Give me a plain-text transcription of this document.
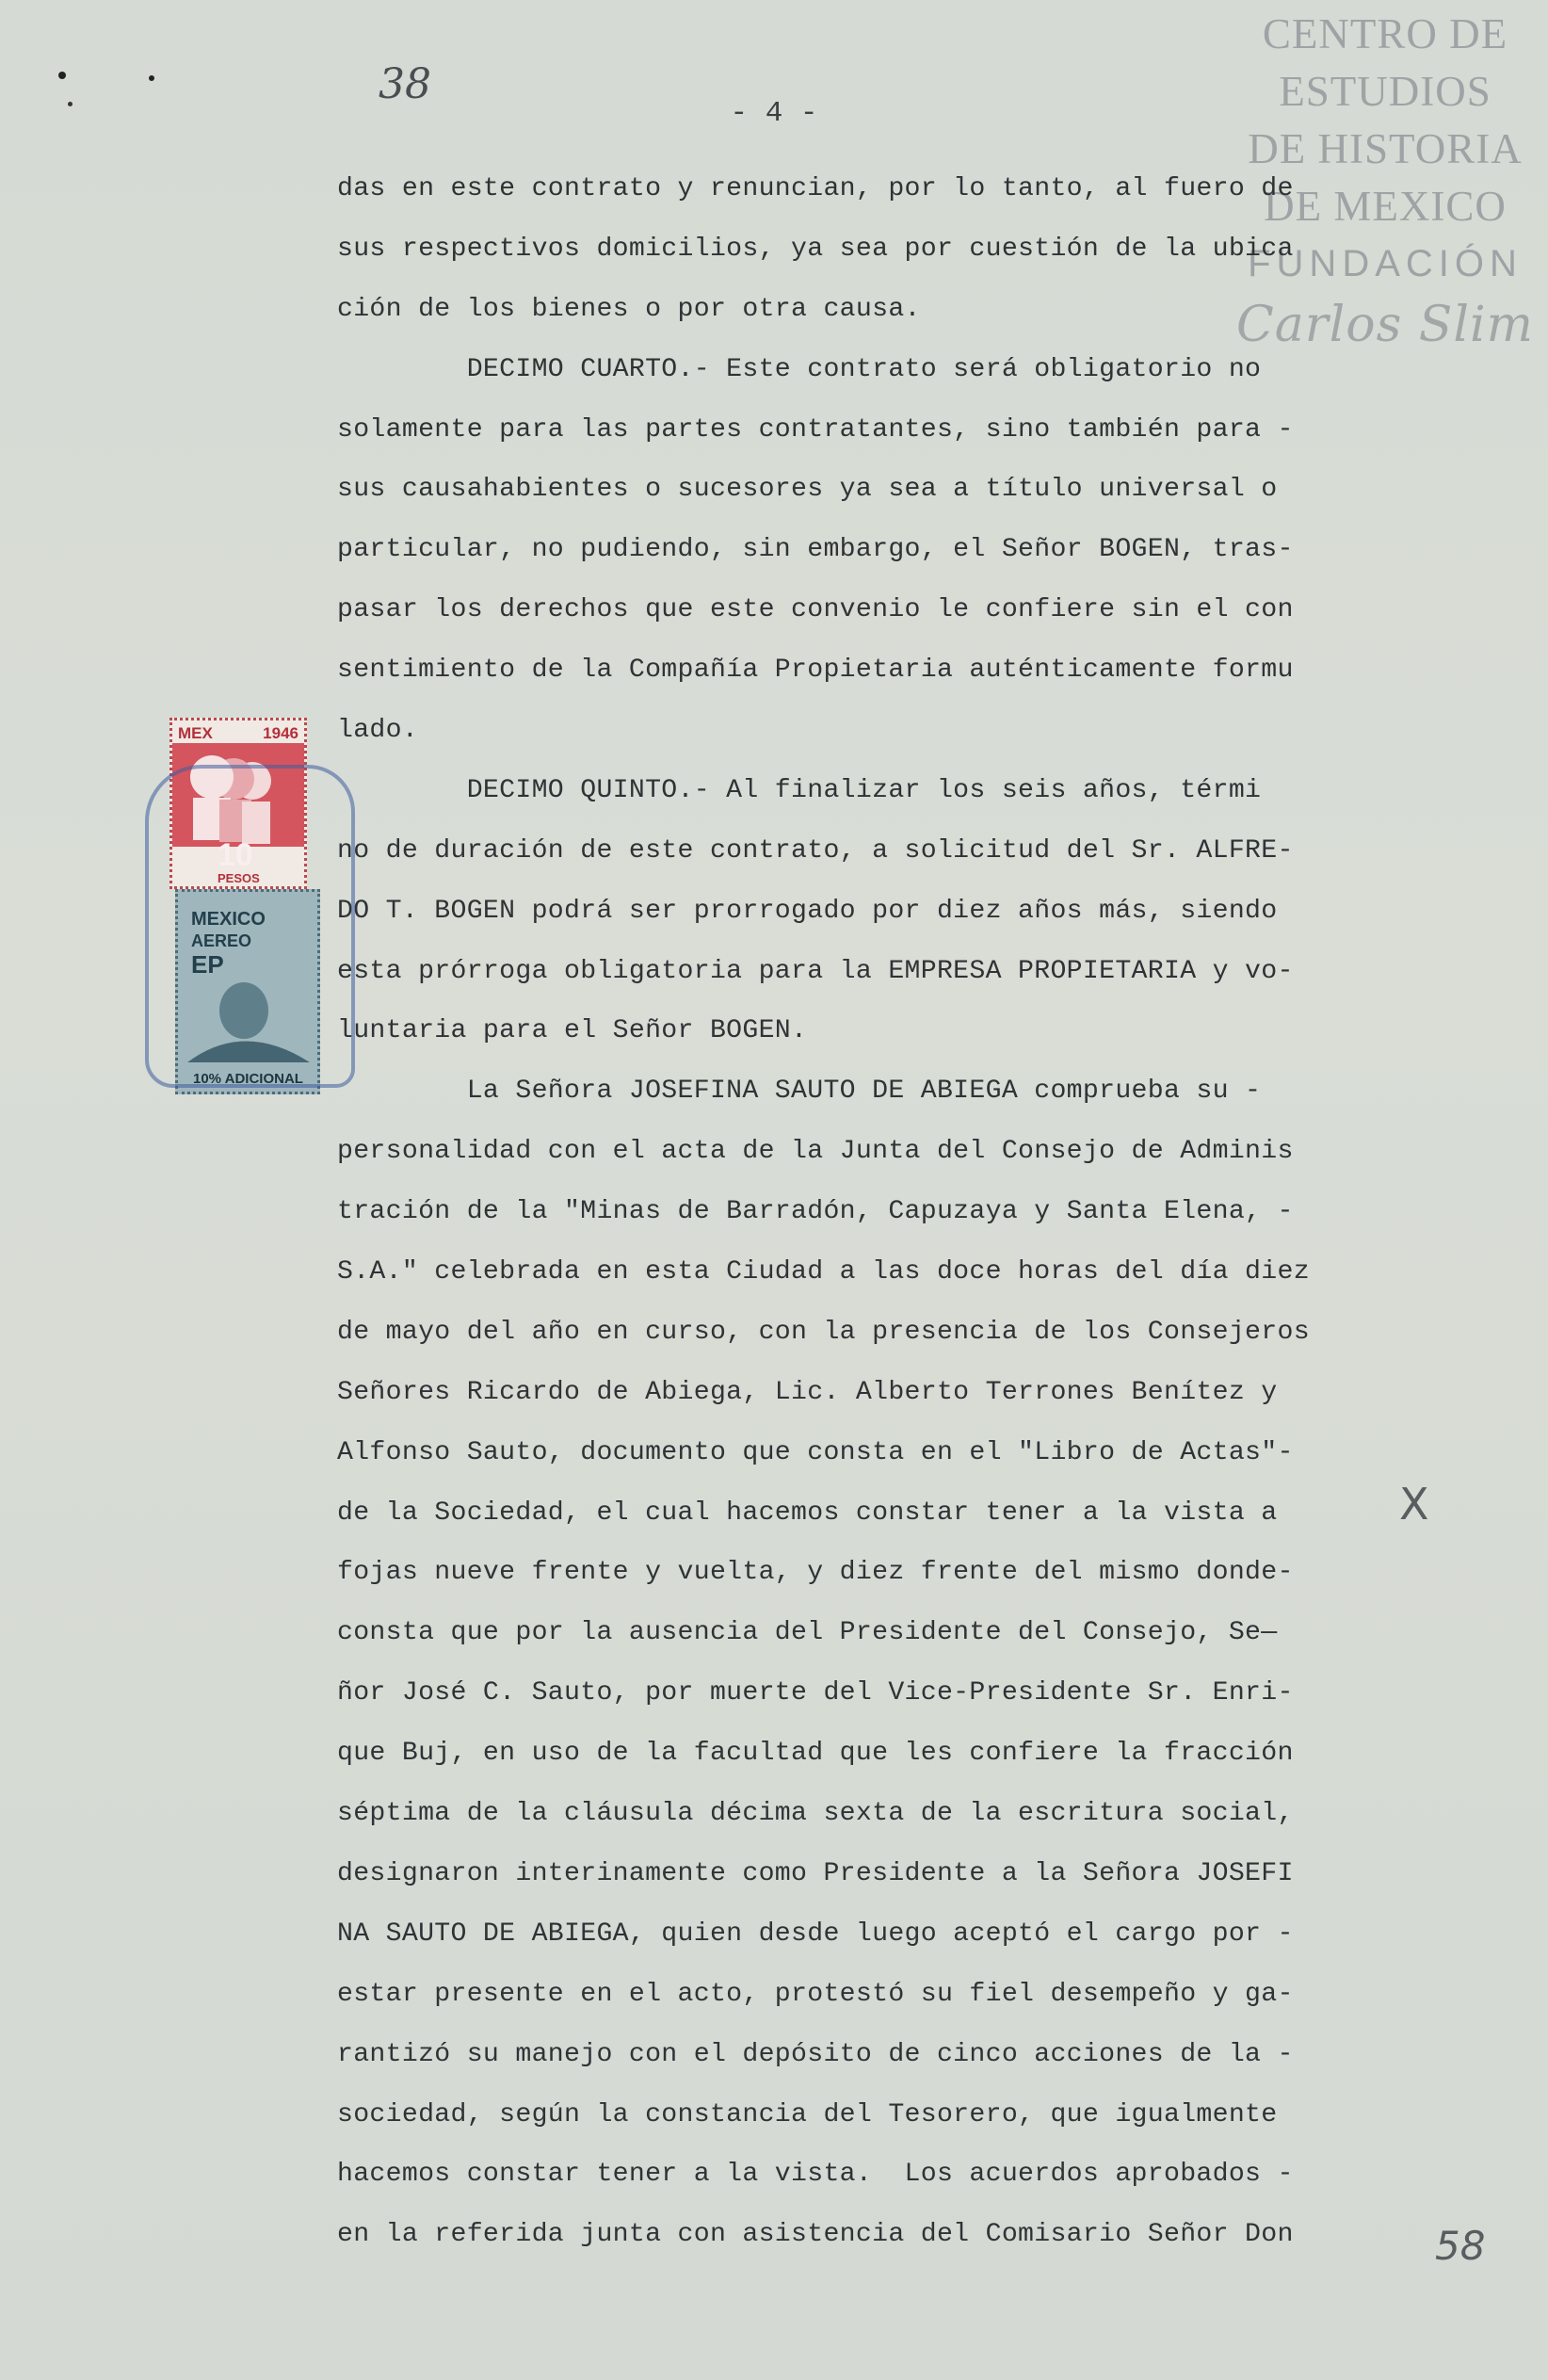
38
- 4 -
CENTRO DE
ESTUDIOS
DE HISTORIA
DE MEXICO
FUNDACIÓN
Carlos Slim
das en este contrato y renuncian, por lo tanto, al fuero de
sus respectivos domicilios, ya sea por cuestión de la ubica
ción de los bienes o por otra causa.
DECIMO CUARTO.- Este contrato será obligatorio no
solamente para las partes contratantes, sino también para -
sus causahabientes o sucesores ya sea a título universal o
particular, no pudiendo, sin embargo, el Señor BOGEN, tras-
pasar los derechos que este convenio le confiere sin el con
sentimiento de la Compañía Propietaria auténticamente formu
lado.
DECIMO QUINTO.- Al finalizar los seis años, térmi
no de duración de este contrato, a solicitud del Sr. ALFRE-
DO T. BOGEN podrá ser prorrogado por diez años más, siendo
esta prórroga obligatoria para la EMPRESA PROPIETARIA y vo-
luntaria para el Señor BOGEN.
La Señora JOSEFINA SAUTO DE ABIEGA comprueba su -
personalidad con el acta de la Junta del Consejo de Adminis
tración de la "Minas de Barradón, Capuzaya y Santa Elena, -
S.A." celebrada en esta Ciudad a las doce horas del día diez
de mayo del año en curso, con la presencia de los Consejeros
Señores Ricardo de Abiega, Lic. Alberto Terrones Benítez y
Alfonso Sauto, documento que consta en el "Libro de Actas"-
de la Sociedad, el cual hacemos constar tener a la vista a
fojas nueve frente y vuelta, y diez frente del mismo donde-
consta que por la ausencia del Presidente del Consejo, Se—
ñor José C. Sauto, por muerte del Vice-Presidente Sr. Enri-
que Buj, en uso de la facultad que les confiere la fracción
séptima de la cláusula décima sexta de la escritura social,
designaron interinamente como Presidente a la Señora JOSEFI
NA SAUTO DE ABIEGA, quien desde luego aceptó el cargo por -
estar presente en el acto, protestó su fiel desempeño y ga-
rantizó su manejo con el depósito de cinco acciones de la -
sociedad, según la constancia del Tesorero, que igualmente
hacemos constar tener a la vista.  Los acuerdos aprobados -
en la referida junta con asistencia del Comisario Señor Don
MEX	1946
10
PESOS
MEXICO
AEREO
EP
10% ADICIONAL
X
58
